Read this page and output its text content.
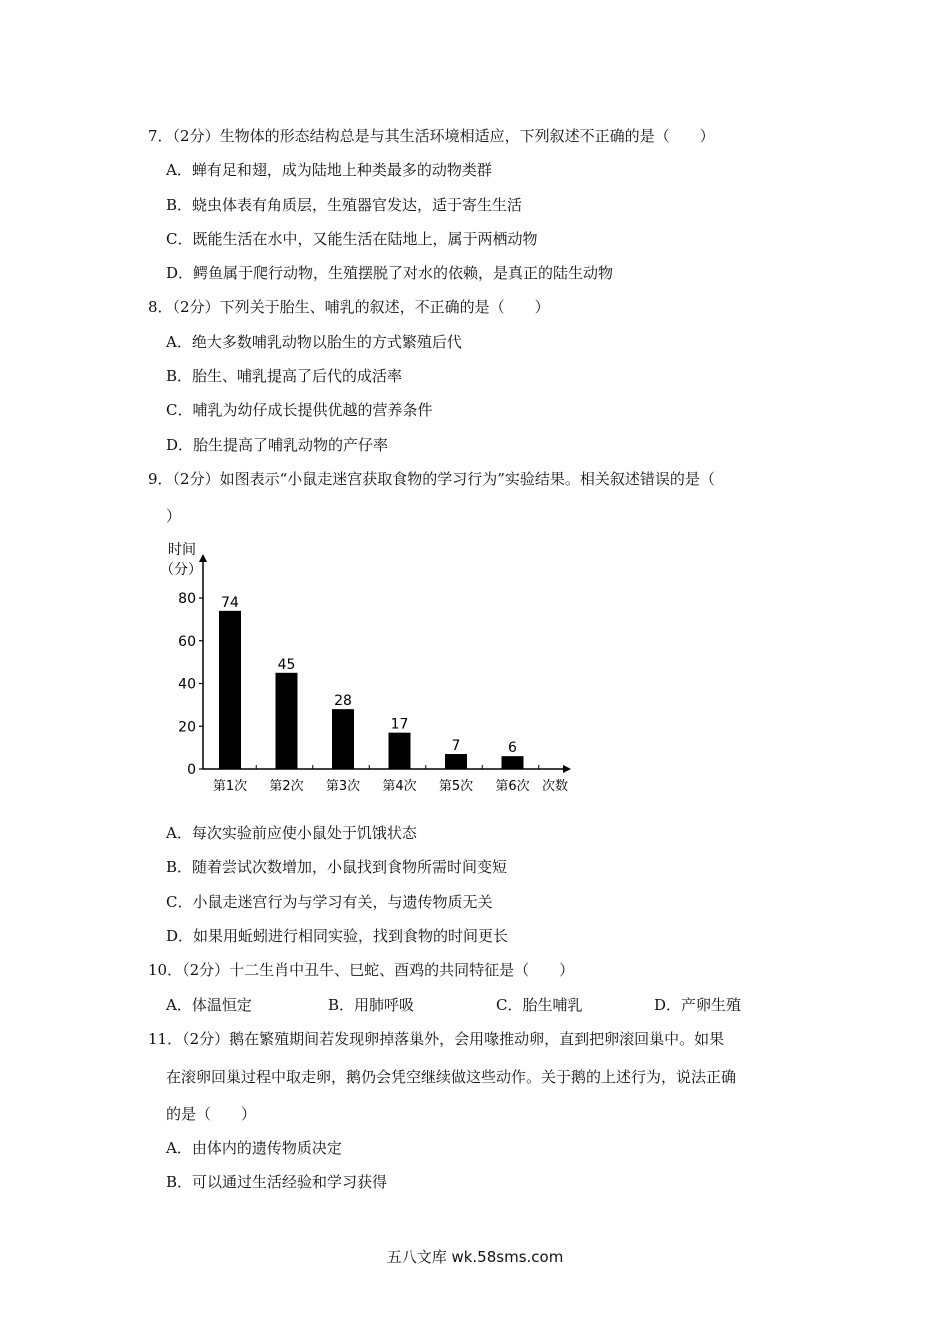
7．（2分）生物体的形态结构总是与其生活环境相适应，下列叙述不正确的是（　　）
A．蝉有足和翅，成为陆地上种类最多的动物类群
B．蛲虫体表有角质层，生殖器官发达，适于寄生生活
C．既能生活在水中，又能生活在陆地上，属于两栖动物
D．鳄鱼属于爬行动物，生殖摆脱了对水的依赖，是真正的陆生动物
8．（2分）下列关于胎生、哺乳的叙述，不正确的是（　　）
A．绝大多数哺乳动物以胎生的方式繁殖后代
B．胎生、哺乳提高了后代的成活率
C．哺乳为幼仔成长提供优越的营养条件
D．胎生提高了哺乳动物的产仔率
9．（2分）如图表示“小鼠走迷宫获取食物的学习行为”实验结果。相关叙述错误的是（
）
时间
（分）
0
20
40
60
80 74
第1次
45
第2次
28
第3次
17
第4次
7
第5次
6
第6次 次数
A．每次实验前应使小鼠处于饥饿状态
B．随着尝试次数增加，小鼠找到食物所需时间变短
C．小鼠走迷宫行为与学习有关，与遗传物质无关
D．如果用蚯蚓进行相同实验，找到食物的时间更长
10．（2分）十二生肖中丑牛、巳蛇、酉鸡的共同特征是（　　）
A．体温恒定	B．用肺呼吸	C．胎生哺乳	D．产卵生殖
11．（2分）鹅在繁殖期间若发现卵掉落巢外，会用喙推动卵，直到把卵滚回巢中。如果
在滚卵回巢过程中取走卵，鹅仍会凭空继续做这些动作。关于鹅的上述行为，说法正确
的是（　　）
A．由体内的遗传物质决定
B．可以通过生活经验和学习获得
五八文库 wk.58sms.com
